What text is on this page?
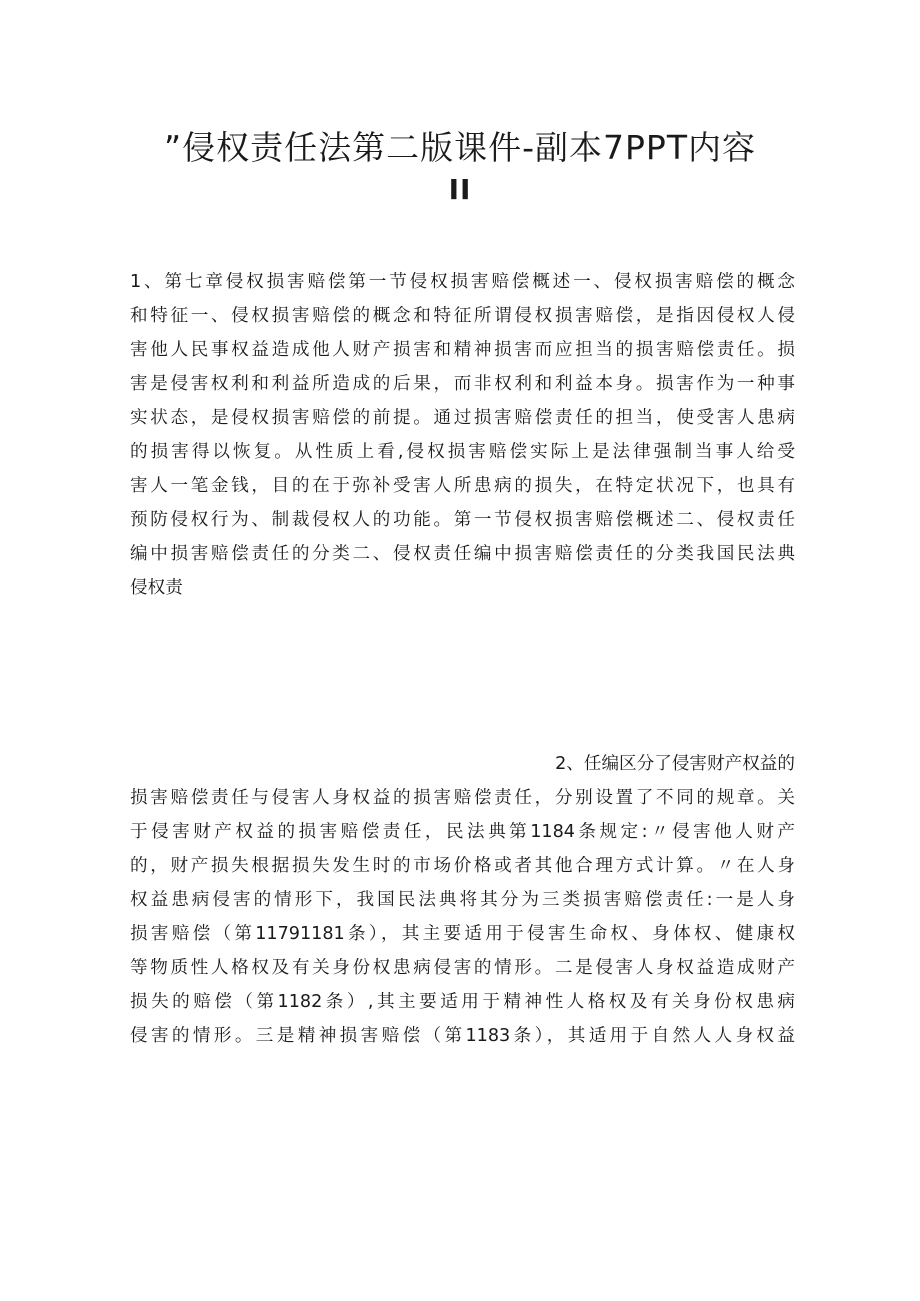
”侵权责任法第二版课件-副本7PPT内容
II
1、第七章侵权损害赔偿第一节侵权损害赔偿概述一、侵权损害赔偿的概念
和特征一、侵权损害赔偿的概念和特征所谓侵权损害赔偿，是指因侵权人侵
害他人民事权益造成他人财产损害和精神损害而应担当的损害赔偿责任。损
害是侵害权利和利益所造成的后果，而非权利和利益本身。损害作为一种事
实状态，是侵权损害赔偿的前提。通过损害赔偿责任的担当，使受害人患病
的损害得以恢复。从性质上看,侵权损害赔偿实际上是法律强制当事人给受
害人一笔金钱，目的在于弥补受害人所患病的损失，在特定状况下，也具有
预防侵权行为、制裁侵权人的功能。第一节侵权损害赔偿概述二、侵权责任
编中损害赔偿责任的分类二、侵权责任编中损害赔偿责任的分类我国民法典
侵权责
2、任编区分了侵害财产权益的
损害赔偿责任与侵害人身权益的损害赔偿责任，分别设置了不同的规章。关
于侵害财产权益的损害赔偿责任，民法典第1184条规定:〃侵害他人财产
的，财产损失根据损失发生时的市场价格或者其他合理方式计算。〃在人身
权益患病侵害的情形下，我国民法典将其分为三类损害赔偿责任:一是人身
损害赔偿（第11791181条），其主要适用于侵害生命权、身体权、健康权
等物质性人格权及有关身份权患病侵害的情形。二是侵害人身权益造成财产
损失的赔偿（第1182条）,其主要适用于精神性人格权及有关身份权患病
侵害的情形。三是精神损害赔偿（第1183条），其适用于自然人人身权益
